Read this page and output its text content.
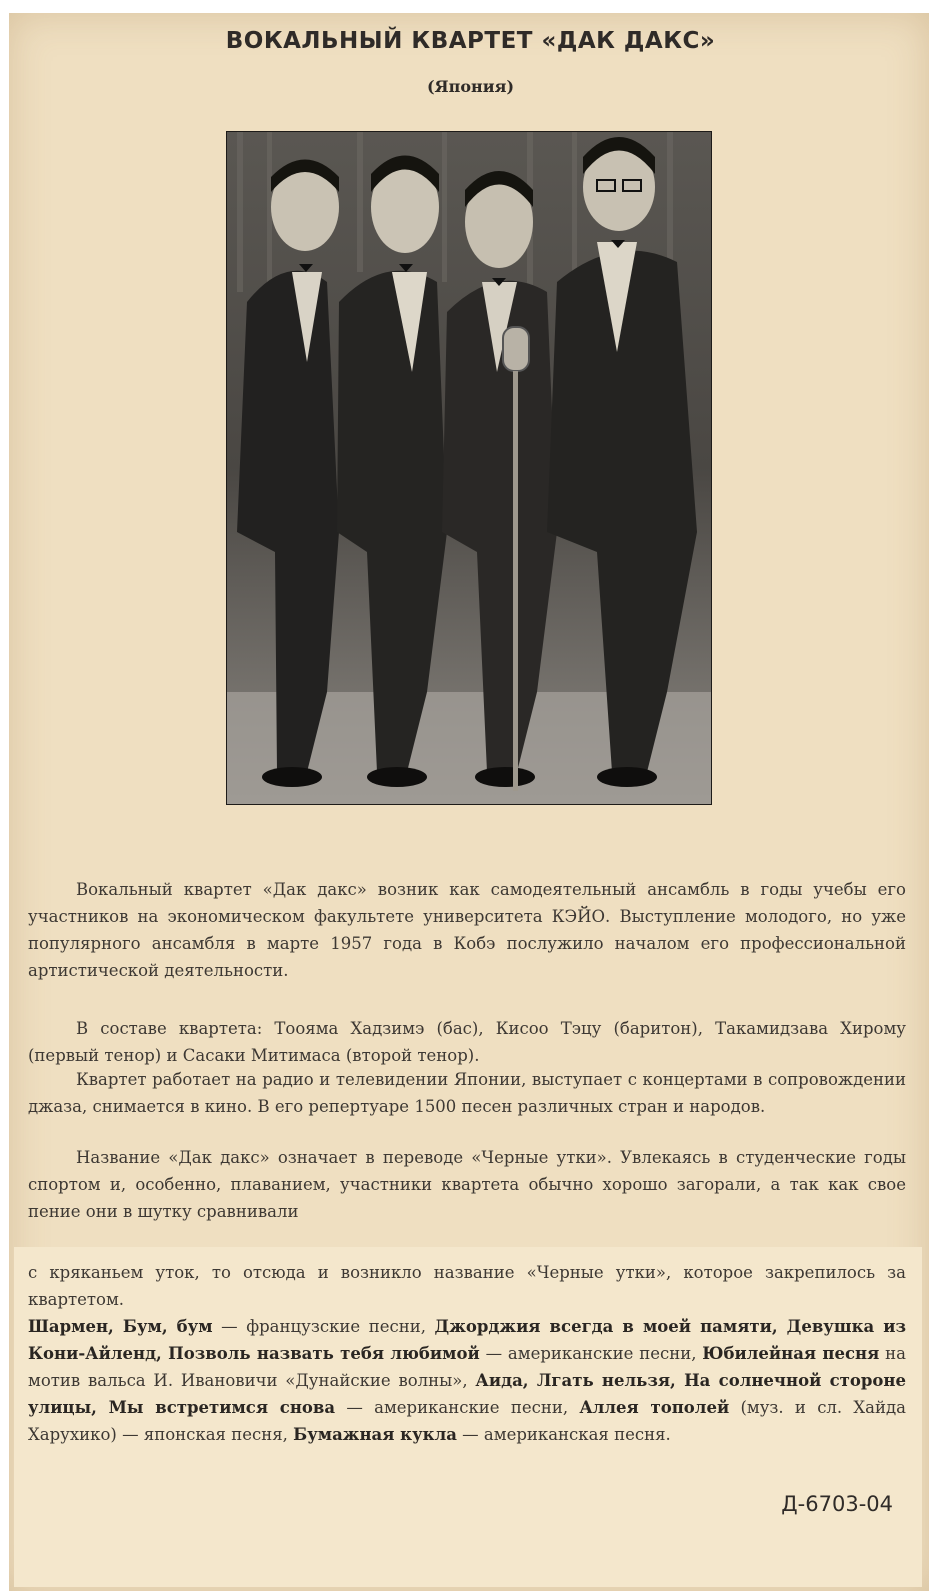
ВОКАЛЬНЫЙ КВАРТЕТ «ДАК ДАКС»
(Япония)
Вокальный квартет «Дак дакс» возник как самодеятельный ансамбль в годы учебы его участников на экономическом факультете университета КЭЙО. Выступление молодого, но уже популярного ансамбля в марте 1957 года в Кобэ послужило началом его профессиональной артистической деятельности.
В составе квартета: Тоояма Хадзимэ (бас), Кисоо Тэцу (баритон), Такамидзава Хирому (первый тенор) и Сасаки Митимаса (второй тенор).
Квартет работает на радио и телевидении Японии, выступает с концертами в сопровождении джаза, снимается в кино. В его репертуаре 1500 песен различных стран и народов.
Название «Дак дакс» означает в переводе «Черные утки». Увлекаясь в студенческие годы спортом и, особенно, плаванием, участники квартета обычно хорошо загорали, а так как свое пение они в шутку сравнивали
с кряканьем уток, то отсюда и возникло название «Черные утки», которое закрепилось за квартетом.
Шармен, Бум, бум — французские песни, Джорджия всегда в моей памяти, Девушка из Кони-Айленд, Позволь назвать тебя любимой — американские песни, Юбилейная песня на мотив вальса И. Ивановичи «Дунайские волны», Аида, Лгать нельзя, На солнечной стороне улицы, Мы встретимся снова — американские песни, Аллея тополей (муз. и сл. Хайда Харухико) — японская песня, Бумажная кукла — американская песня.
Д-6703-04
